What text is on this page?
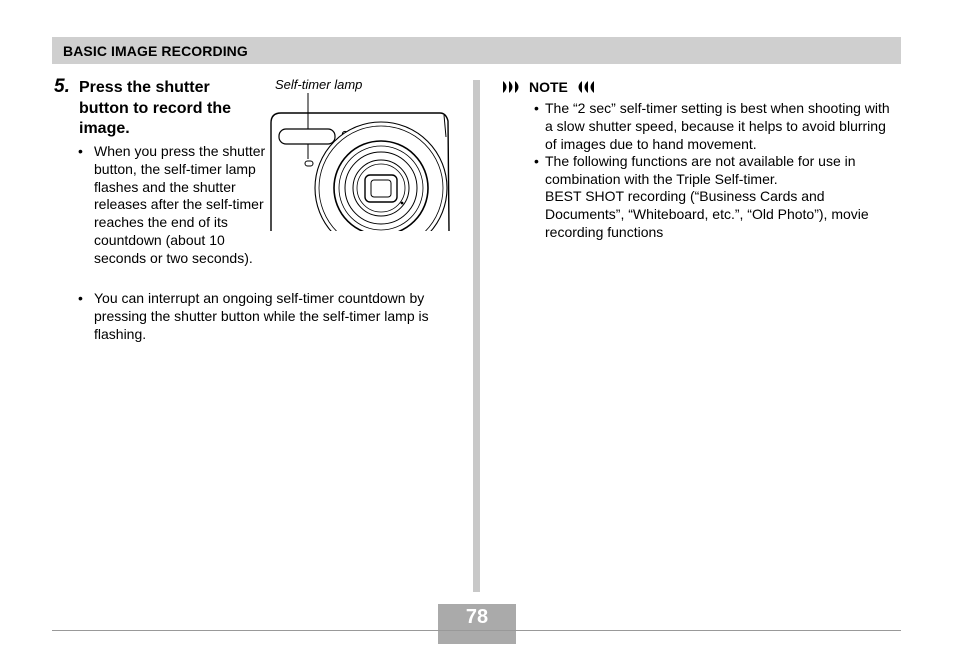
BASIC IMAGE RECORDING
5. Press the shutter button to record the image.
• When you press the shutter button, the self-timer lamp flashes and the shutter releases after the self-timer reaches the end of its countdown (about 10 seconds or two seconds).
• You can interrupt an ongoing self-timer countdown by pressing the shutter button while the self-timer lamp is flashing.
Self-timer lamp	NOTE
• The “2 sec” self-timer setting is best when shooting with a slow shutter speed, because it helps to avoid blurring of images due to hand movement.
• The following functions are not available for use in combination with the Triple Self-timer.
BEST SHOT recording (“Business Cards and Documents”, “Whiteboard, etc.”, “Old Photo”), movie recording functions
78
